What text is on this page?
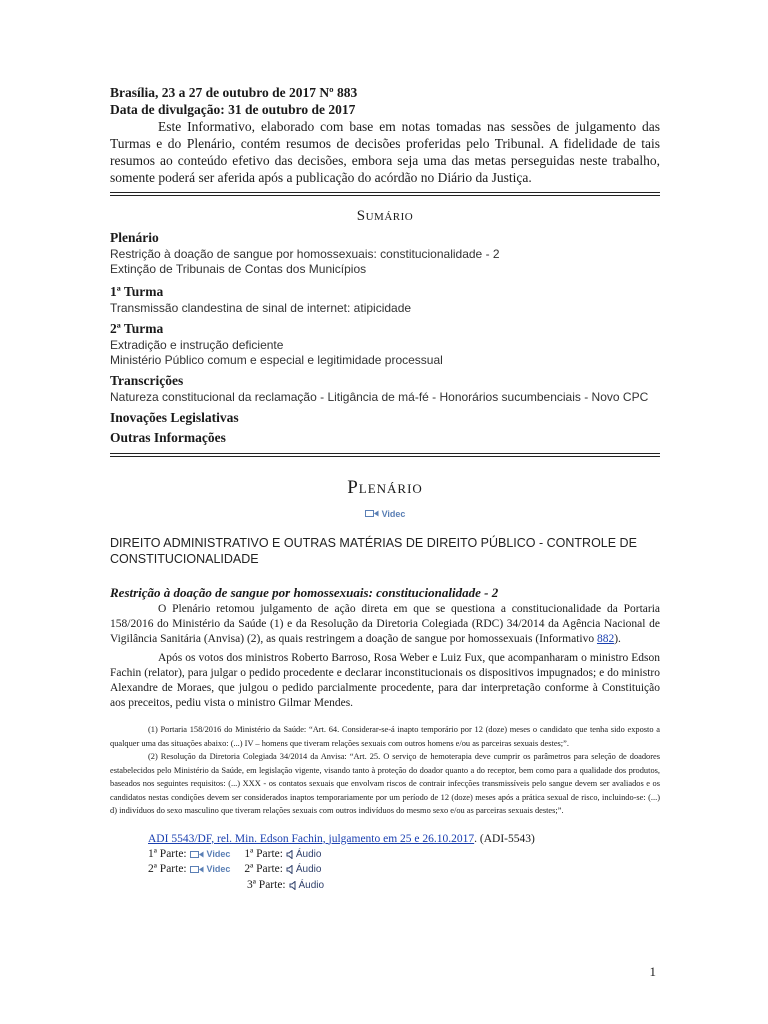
Brasília, 23 a 27 de outubro de 2017 Nº 883
Data de divulgação: 31 de outubro de 2017

Este Informativo, elaborado com base em notas tomadas nas sessões de julgamento das Turmas e do Plenário, contém resumos de decisões proferidas pelo Tribunal. A fidelidade de tais resumos ao conteúdo efetivo das decisões, embora seja uma das metas perseguidas neste trabalho, somente poderá ser aferida após a publicação do acórdão no Diário da Justiça.

Sumário
Plenário
Restrição à doação de sangue por homossexuais: constitucionalidade - 2
Extinção de Tribunais de Contas dos Municípios
1ª Turma
Transmissão clandestina de sinal de internet: atipicidade
2ª Turma
Extradição e instrução deficiente
Ministério Público comum e especial e legitimidade processual
Transcrições
Natureza constitucional da reclamação - Litigância de má-fé - Honorários sucumbenciais - Novo CPC
Inovações Legislativas
Outras Informações
Plenário
Videc
DIREITO ADMINISTRATIVO E OUTRAS MATÉRIAS DE DIREITO PÚBLICO - CONTROLE DE CONSTITUCIONALIDADE
Restrição à doação de sangue por homossexuais: constitucionalidade - 2

O Plenário retomou julgamento de ação direta em que se questiona a constitucionalidade da Portaria 158/2016 do Ministério da Saúde (1) e da Resolução da Diretoria Colegiada (RDC) 34/2014 da Agência Nacional de Vigilância Sanitária (Anvisa) (2), as quais restringem a doação de sangue por homossexuais (Informativo 882).

Após os votos dos ministros Roberto Barroso, Rosa Weber e Luiz Fux, que acompanharam o ministro Edson Fachin (relator), para julgar o pedido procedente e declarar inconstitucionais os dispositivos impugnados; e do ministro Alexandre de Moraes, que julgou o pedido parcialmente procedente, para dar interpretação conforme à Constituição aos preceitos, pediu vista o ministro Gilmar Mendes.

(1) Portaria 158/2016 do Ministério da Saúde: “Art. 64. Considerar-se-á inapto temporário por 12 (doze) meses o candidato que tenha sido exposto a qualquer uma das situações abaixo: (...) IV – homens que tiveram relações sexuais com outros homens e/ou as parceiras sexuais destes;”.

(2) Resolução da Diretoria Colegiada 34/2014 da Anvisa: “Art. 25. O serviço de hemoterapia deve cumprir os parâmetros para seleção de doadores estabelecidos pelo Ministério da Saúde, em legislação vigente, visando tanto à proteção do doador quanto a do receptor, bem como para a qualidade dos produtos, baseados nos seguintes requisitos: (...) XXX - os contatos sexuais que envolvam riscos de contrair infecções transmissíveis pelo sangue devem ser avaliados e os candidatos nestas condições devem ser considerados inaptos temporariamente por um período de 12 (doze) meses após a prática sexual de risco, incluindo-se: (...) d) indivíduos do sexo masculino que tiveram relações sexuais com outros indivíduos do mesmo sexo e/ou as parceiras sexuais destes;”.

ADI 5543/DF, rel. Min. Edson Fachin, julgamento em 25 e 26.10.2017. (ADI-5543)
1ª Parte:
Videc 1ª Parte:
Áudio
2ª Parte:
Videc 2ª Parte:
Áudio
3ª Parte:
Áudio
1
